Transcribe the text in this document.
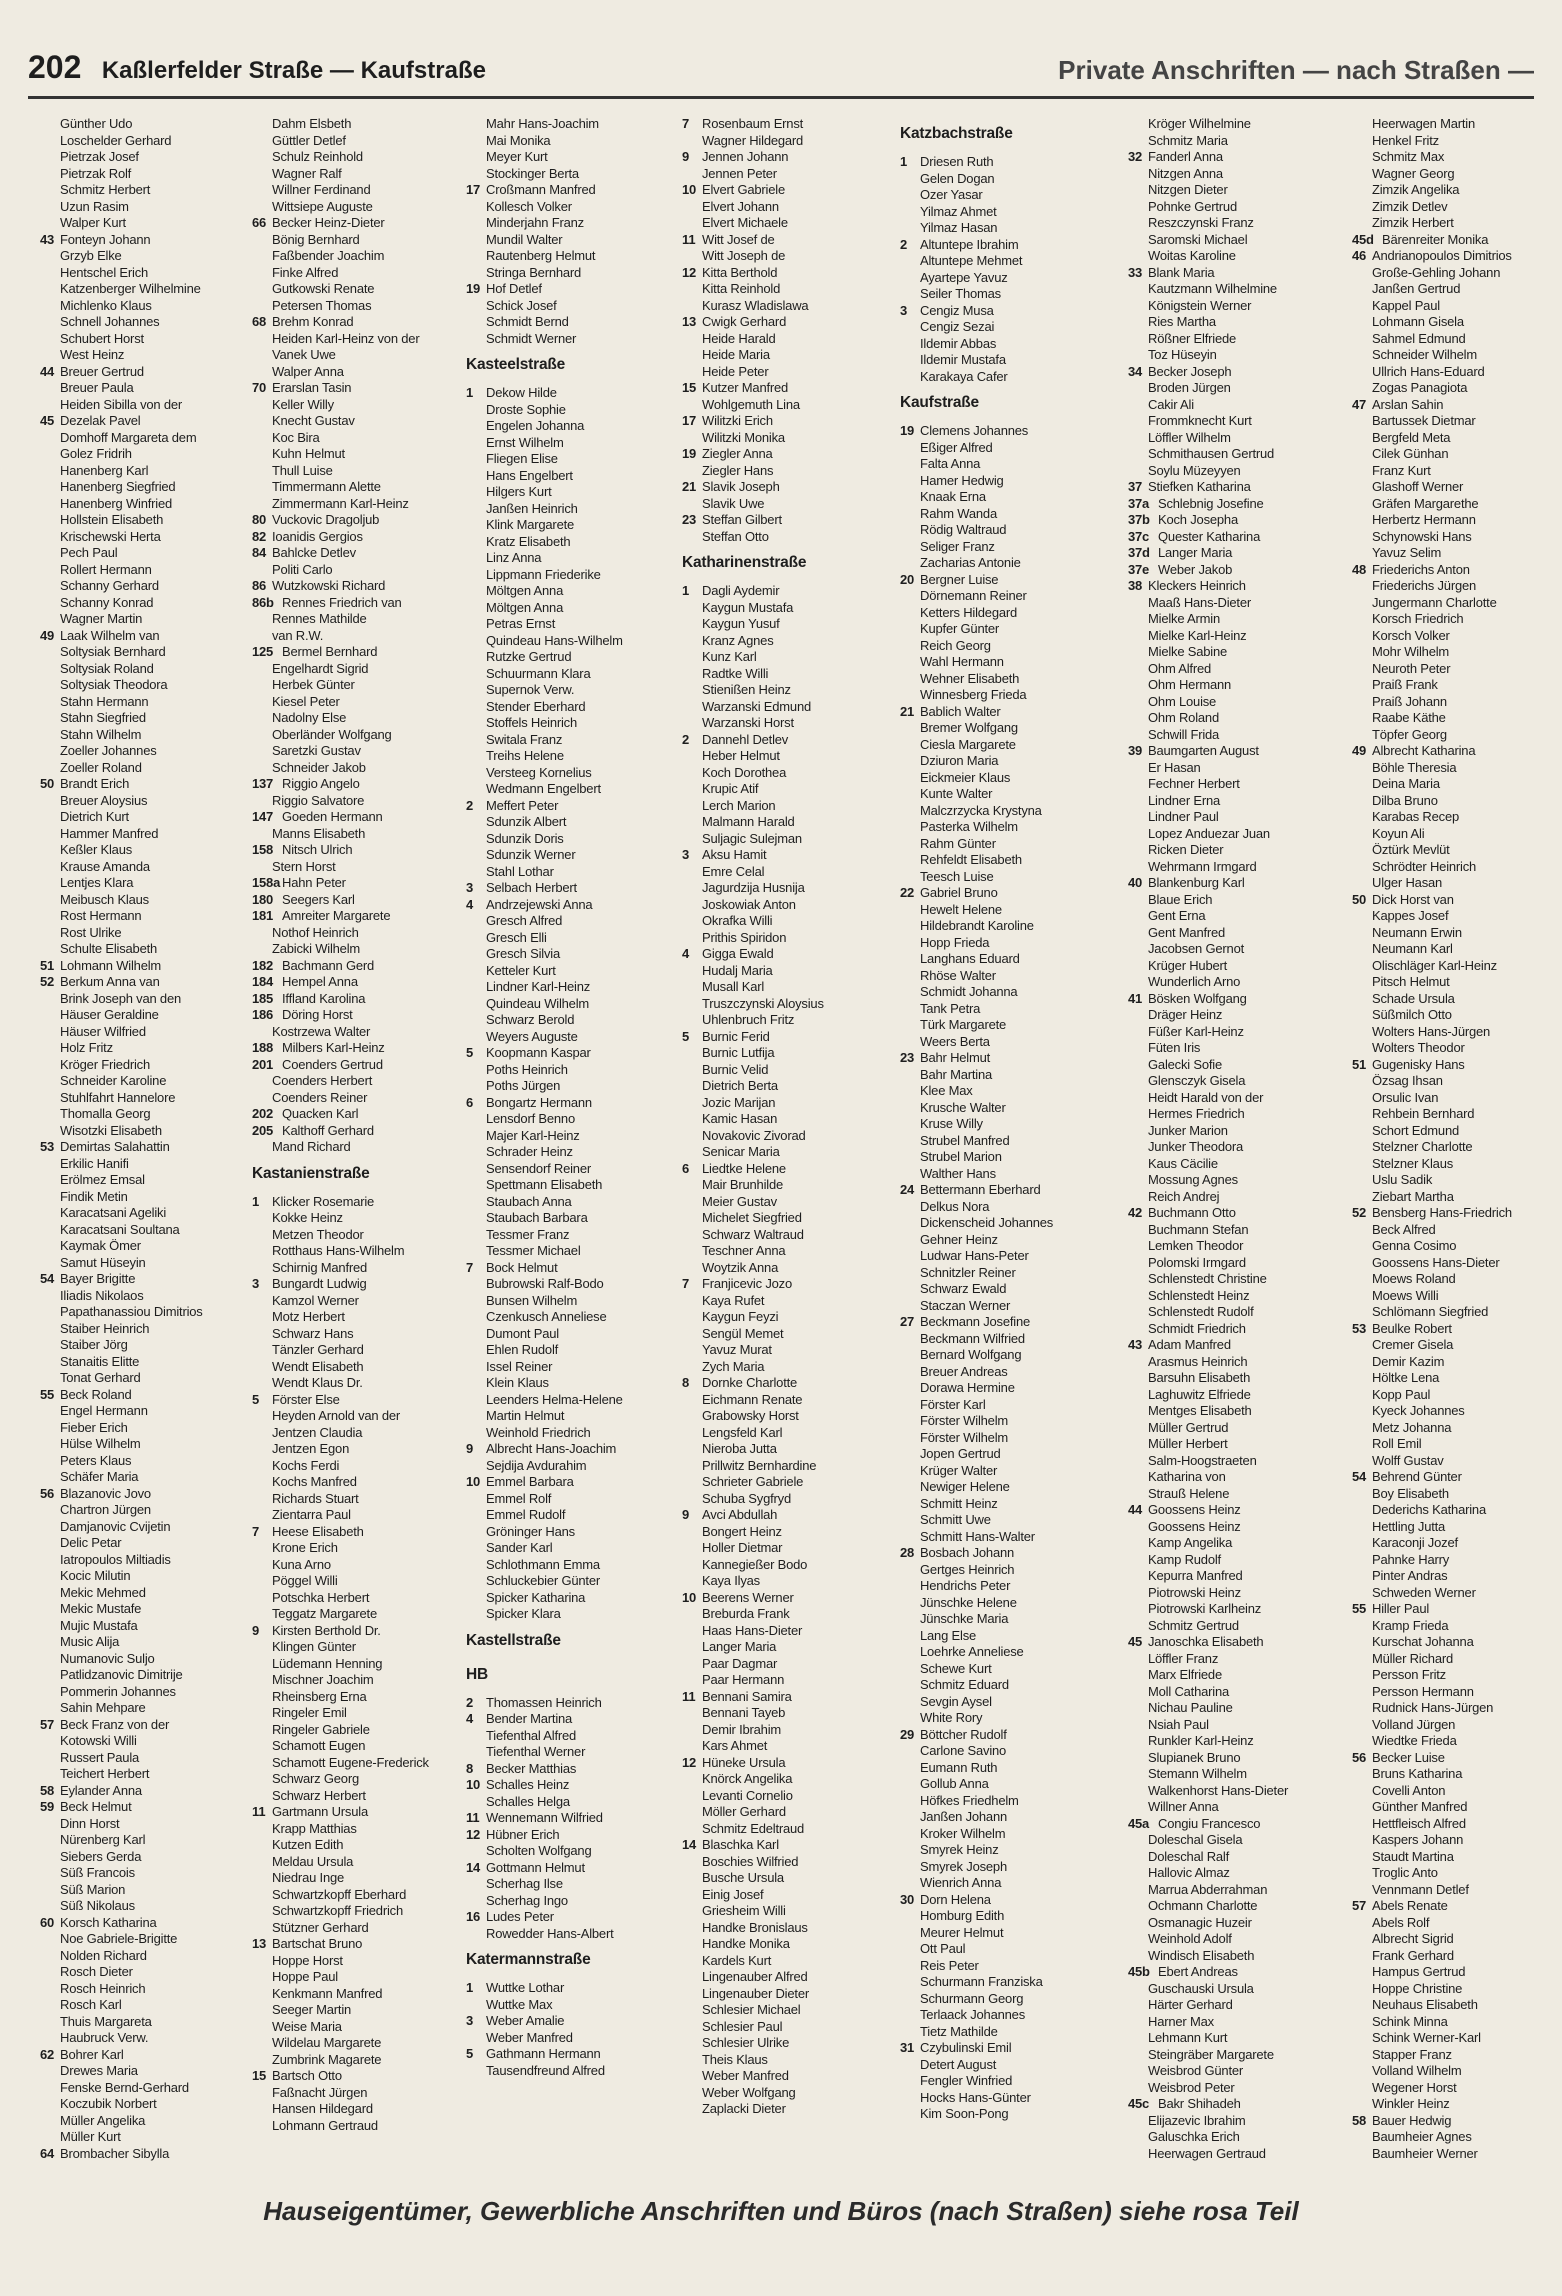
202 Kaßlerfelder Straße — Kaufstraße	Private Anschriften — nach Straßen —
Günther Udo
Loschelder Gerhard
Pietrzak Josef
Pietrzak Rolf
Schmitz Herbert
Uzun Rasim
Walper Kurt
43 Fonteyn Johann
Grzyb Elke
Hentschel Erich
Katzenberger Wilhelmine
Michlenko Klaus
Schnell Johannes
Schubert Horst
West Heinz
44 Breuer Gertrud
Breuer Paula
Heiden Sibilla von der
45 Dezelak Pavel
Domhoff Margareta dem
Golez Fridrih
Hanenberg Karl
Hanenberg Siegfried
Hanenberg Winfried
Hollstein Elisabeth
Krischewski Herta
Pech Paul
Rollert Hermann
Schanny Gerhard
Schanny Konrad
Wagner Martin
49 Laak Wilhelm van
Soltysiak Bernhard
Soltysiak Roland
Soltysiak Theodora
Stahn Hermann
Stahn Siegfried
Stahn Wilhelm
Zoeller Johannes
Zoeller Roland
50 Brandt Erich
Breuer Aloysius
Dietrich Kurt
Hammer Manfred
Keßler Klaus
Krause Amanda
Lentjes Klara
Meibusch Klaus
Rost Hermann
Rost Ulrike
Schulte Elisabeth
51 Lohmann Wilhelm
52 Berkum Anna van
Brink Joseph van den
Häuser Geraldine
Häuser Wilfried
Holz Fritz
Kröger Friedrich
Schneider Karoline
Stuhlfahrt Hannelore
Thomalla Georg
Wisotzki Elisabeth
53 Demirtas Salahattin
Erkilic Hanifi
Erölmez Emsal
Findik Metin
Karacatsani Ageliki
Karacatsani Soultana
Kaymak Ömer
Samut Hüseyin
54 Bayer Brigitte
Iliadis Nikolaos
Papathanassiou Dimitrios
Staiber Heinrich
Staiber Jörg
Stanaitis Elitte
Tonat Gerhard
55 Beck Roland
Engel Hermann
Fieber Erich
Hülse Wilhelm
Peters Klaus
Schäfer Maria
56 Blazanovic Jovo
Chartron Jürgen
Damjanovic Cvijetin
Delic Petar
Iatropoulos Miltiadis
Kocic Milutin
Mekic Mehmed
Mekic Mustafe
Mujic Mustafa
Music Alija
Numanovic Suljo
Patlidzanovic Dimitrije
Pommerin Johannes
Sahin Mehpare
57 Beck Franz von der
Kotowski Willi
Russert Paula
Teichert Herbert
58 Eylander Anna
59 Beck Helmut
Dinn Horst
Nürenberg Karl
Siebers Gerda
Süß Francois
Süß Marion
Süß Nikolaus
60 Korsch Katharina
Noe Gabriele-Brigitte
Nolden Richard
Rosch Dieter
Rosch Heinrich
Rosch Karl
Thuis Margareta
Haubruck Verw.
62 Bohrer Karl
Drewes Maria
Fenske Bernd-Gerhard
Koczubik Norbert
Müller Angelika
Müller Kurt
64 Brombacher Sibylla
Dahm Elsbeth
Güttler Detlef
Schulz Reinhold
Wagner Ralf
Willner Ferdinand
Wittsiepe Auguste
66 Becker Heinz-Dieter
Bönig Bernhard
Faßbender Joachim
Finke Alfred
Gutkowski Renate
Petersen Thomas
68 Brehm Konrad
Heiden Karl-Heinz von der
Vanek Uwe
Walper Anna
70 Erarslan Tasin
Keller Willy
Knecht Gustav
Koc Bira
Kuhn Helmut
Thull Luise
Timmermann Alette
Zimmermann Karl-Heinz
80 Vuckovic Dragoljub
82 Ioanidis Gergios
84 Bahlcke Detlev
Politi Carlo
86 Wutzkowski Richard
86b Rennes Friedrich van
Rennes Mathilde
van R.W.
125 Bermel Bernhard
Engelhardt Sigrid
Herbek Günter
Kiesel Peter
Nadolny Else
Oberländer Wolfgang
Saretzki Gustav
Schneider Jakob
137 Riggio Angelo
Riggio Salvatore
147 Goeden Hermann
Manns Elisabeth
158 Nitsch Ulrich
Stern Horst
158a Hahn Peter
180 Seegers Karl
181 Amreiter Margarete
Nothof Heinrich
Zabicki Wilhelm
182 Bachmann Gerd
184 Hempel Anna
185 Iffland Karolina
186 Döring Horst
Kostrzewa Walter
188 Milbers Karl-Heinz
201 Coenders Gertrud
Coenders Herbert
Coenders Reiner
202 Quacken Karl
205 Kalthoff Gerhard
Mand Richard
Kastanienstraße
1 Klicker Rosemarie
Kokke Heinz
Metzen Theodor
Rotthaus Hans-Wilhelm
Schirnig Manfred
3 Bungardt Ludwig
Kamzol Werner
Motz Herbert
Schwarz Hans
Tänzler Gerhard
Wendt Elisabeth
Wendt Klaus Dr.
5 Förster Else
Heyden Arnold van der
Jentzen Claudia
Jentzen Egon
Kochs Ferdi
Kochs Manfred
Richards Stuart
Zientarra Paul
7 Heese Elisabeth
Krone Erich
Kuna Arno
Pöggel Willi
Potschka Herbert
Teggatz Margarete
9 Kirsten Berthold Dr.
Klingen Günter
Lüdemann Henning
Mischner Joachim
Rheinsberg Erna
Ringeler Emil
Ringeler Gabriele
Schamott Eugen
Schamott Eugene-Frederick
Schwarz Georg
Schwarz Herbert
11 Gartmann Ursula
Krapp Matthias
Kutzen Edith
Meldau Ursula
Niedrau Inge
Schwartzkopff Eberhard
Schwartzkopff Friedrich
Stützner Gerhard
13 Bartschat Bruno
Hoppe Horst
Hoppe Paul
Kenkmann Manfred
Seeger Martin
Weise Maria
Wildelau Margarete
Zumbrink Magarete
15 Bartsch Otto
Faßnacht Jürgen
Hansen Hildegard
Lohmann Gertraud
Mahr Hans-Joachim
Mai Monika
Meyer Kurt
Stockinger Berta
17 Croßmann Manfred
Kollesch Volker
Minderjahn Franz
Mundil Walter
Rautenberg Helmut
Stringa Bernhard
19 Hof Detlef
Schick Josef
Schmidt Bernd
Schmidt Werner
Kasteelstraße
1 Dekow Hilde
Droste Sophie
Engelen Johanna
Ernst Wilhelm
Fliegen Elise
Hans Engelbert
Hilgers Kurt
Janßen Heinrich
Klink Margarete
Kratz Elisabeth
Linz Anna
Lippmann Friederike
Möltgen Anna
Möltgen Anna
Petras Ernst
Quindeau Hans-Wilhelm
Rutzke Gertrud
Schuurmann Klara
Supernok Verw.
Stender Eberhard
Stoffels Heinrich
Switala Franz
Treihs Helene
Versteeg Kornelius
Wedmann Engelbert
2 Meffert Peter
Sdunzik Albert
Sdunzik Doris
Sdunzik Werner
Stahl Lothar
3 Selbach Herbert
4 Andrzejewski Anna
Gresch Alfred
Gresch Elli
Gresch Silvia
Ketteler Kurt
Lindner Karl-Heinz
Quindeau Wilhelm
Schwarz Berold
Weyers Auguste
5 Koopmann Kaspar
Poths Heinrich
Poths Jürgen
6 Bongartz Hermann
Lensdorf Benno
Majer Karl-Heinz
Schrader Heinz
Sensendorf Reiner
Spettmann Elisabeth
Staubach Anna
Staubach Barbara
Tessmer Franz
Tessmer Michael
7 Bock Helmut
Bubrowski Ralf-Bodo
Bunsen Wilhelm
Czenkusch Anneliese
Dumont Paul
Ehlen Rudolf
Issel Reiner
Klein Klaus
Leenders Helma-Helene
Martin Helmut
Weinhold Friedrich
9 Albrecht Hans-Joachim
Sejdija Avdurahim
10 Emmel Barbara
Emmel Rolf
Emmel Rudolf
Gröninger Hans
Sander Karl
Schlothmann Emma
Schluckebier Günter
Spicker Katharina
Spicker Klara
Kastellstraße
HB
2 Thomassen Heinrich
4 Bender Martina
Tiefenthal Alfred
Tiefenthal Werner
8 Becker Matthias
10 Schalles Heinz
Schalles Helga
11 Wennemann Wilfried
12 Hübner Erich
Scholten Wolfgang
14 Gottmann Helmut
Scherhag Ilse
Scherhag Ingo
16 Ludes Peter
Rowedder Hans-Albert
Katermannstraße
1 Wuttke Lothar
Wuttke Max
3 Weber Amalie
Weber Manfred
5 Gathmann Hermann
Tausendfreund Alfred
7 Rosenbaum Ernst
Wagner Hildegard
9 Jennen Johann
Jennen Peter
10 Elvert Gabriele
Elvert Johann
Elvert Michaele
11 Witt Josef de
Witt Joseph de
12 Kitta Berthold
Kitta Reinhold
Kurasz Wladislawa
13 Cwigk Gerhard
Heide Harald
Heide Maria
Heide Peter
15 Kutzer Manfred
Wohlgemuth Lina
17 Wilitzki Erich
Wilitzki Monika
19 Ziegler Anna
Ziegler Hans
21 Slavik Joseph
Slavik Uwe
23 Steffan Gilbert
Steffan Otto
Katharinenstraße
1 Dagli Aydemir
Kaygun Mustafa
Kaygun Yusuf
Kranz Agnes
Kunz Karl
Radtke Willi
Stienißen Heinz
Warzanski Edmund
Warzanski Horst
2 Dannehl Detlev
Heber Helmut
Koch Dorothea
Krupic Atif
Lerch Marion
Malmann Harald
Suljagic Sulejman
3 Aksu Hamit
Emre Celal
Jagurdzija Husnija
Joskowiak Anton
Okrafka Willi
Prithis Spiridon
4 Gigga Ewald
Hudalj Maria
Musall Karl
Truszczynski Aloysius
Uhlenbruch Fritz
5 Burnic Ferid
Burnic Lutfija
Burnic Velid
Dietrich Berta
Jozic Marijan
Kamic Hasan
Novakovic Zivorad
Senicar Maria
6 Liedtke Helene
Mair Brunhilde
Meier Gustav
Michelet Siegfried
Schwarz Waltraud
Teschner Anna
Woytzik Anna
7 Franjicevic Jozo
Kaya Rufet
Kaygun Feyzi
Sengül Memet
Yavuz Murat
Zych Maria
8 Dornke Charlotte
Eichmann Renate
Grabowsky Horst
Lengsfeld Karl
Nieroba Jutta
Prillwitz Bernhardine
Schrieter Gabriele
Schuba Sygfryd
9 Avci Abdullah
Bongert Heinz
Holler Dietmar
Kannegießer Bodo
Kaya Ilyas
10 Beerens Werner
Breburda Frank
Haas Hans-Dieter
Langer Maria
Paar Dagmar
Paar Hermann
11 Bennani Samira
Bennani Tayeb
Demir Ibrahim
Kars Ahmet
12 Hüneke Ursula
Knörck Angelika
Levanti Cornelio
Möller Gerhard
Schmitz Edeltraud
14 Blaschka Karl
Boschies Wilfried
Busche Ursula
Einig Josef
Griesheim Willi
Handke Bronislaus
Handke Monika
Kardels Kurt
Lingenauber Alfred
Lingenauber Dieter
Schlesier Michael
Schlesier Paul
Schlesier Ulrike
Theis Klaus
Weber Manfred
Weber Wolfgang
Zaplacki Dieter
Katzbachstraße
1 Driesen Ruth
Gelen Dogan
Ozer Yasar
Yilmaz Ahmet
Yilmaz Hasan
2 Altuntepe Ibrahim
Altuntepe Mehmet
Ayartepe Yavuz
Seiler Thomas
3 Cengiz Musa
Cengiz Sezai
Ildemir Abbas
Ildemir Mustafa
Karakaya Cafer
Kaufstraße
19 Clemens Johannes
Eßiger Alfred
Falta Anna
Hamer Hedwig
Knaak Erna
Rahm Wanda
Rödig Waltraud
Seliger Franz
Zacharias Antonie
20 Bergner Luise
Dörnemann Reiner
Ketters Hildegard
Kupfer Günter
Reich Georg
Wahl Hermann
Wehner Elisabeth
Winnesberg Frieda
21 Bablich Walter
Bremer Wolfgang
Ciesla Margarete
Dziuron Maria
Eickmeier Klaus
Kunte Walter
Malczrzycka Krystyna
Pasterka Wilhelm
Rahm Günter
Rehfeldt Elisabeth
Teesch Luise
22 Gabriel Bruno
Hewelt Helene
Hildebrandt Karoline
Hopp Frieda
Langhans Eduard
Rhöse Walter
Schmidt Johanna
Tank Petra
Türk Margarete
Weers Berta
23 Bahr Helmut
Bahr Martina
Klee Max
Krusche Walter
Kruse Willy
Strubel Manfred
Strubel Marion
Walther Hans
24 Bettermann Eberhard
Delkus Nora
Dickenscheid Johannes
Gehner Heinz
Ludwar Hans-Peter
Schnitzler Reiner
Schwarz Ewald
Staczan Werner
27 Beckmann Josefine
Beckmann Wilfried
Bernard Wolfgang
Breuer Andreas
Dorawa Hermine
Förster Karl
Förster Wilhelm
Förster Wilhelm
Jopen Gertrud
Krüger Walter
Newiger Helene
Schmitt Heinz
Schmitt Uwe
Schmitt Hans-Walter
28 Bosbach Johann
Gertges Heinrich
Hendrichs Peter
Jünschke Helene
Jünschke Maria
Lang Else
Loehrke Anneliese
Schewe Kurt
Schmitz Eduard
Sevgin Aysel
White Rory
29 Böttcher Rudolf
Carlone Savino
Eumann Ruth
Gollub Anna
Höfkes Friedhelm
Janßen Johann
Kroker Wilhelm
Smyrek Heinz
Smyrek Joseph
Wienrich Anna
30 Dorn Helena
Homburg Edith
Meurer Helmut
Ott Paul
Reis Peter
Schurmann Franziska
Schurmann Georg
Terlaack Johannes
Tietz Mathilde
31 Czybulinski Emil
Detert August
Fengler Winfried
Hocks Hans-Günter
Kim Soon-Pong
Kröger Wilhelmine
Schmitz Maria
32 Fanderl Anna
Nitzgen Anna
Nitzgen Dieter
Pohnke Gertrud
Reszczynski Franz
Saromski Michael
Woitas Karoline
33 Blank Maria
Kautzmann Wilhelmine
Königstein Werner
Ries Martha
Rößner Elfriede
Toz Hüseyin
34 Becker Joseph
Broden Jürgen
Cakir Ali
Frommknecht Kurt
Löffler Wilhelm
Schmithausen Gertrud
Soylu Müzeyyen
37 Stiefken Katharina
37a Schlebnig Josefine
37b Koch Josepha
37c Quester Katharina
37d Langer Maria
37e Weber Jakob
38 Kleckers Heinrich
Maaß Hans-Dieter
Mielke Armin
Mielke Karl-Heinz
Mielke Sabine
Ohm Alfred
Ohm Hermann
Ohm Louise
Ohm Roland
Schwill Frida
39 Baumgarten August
Er Hasan
Fechner Herbert
Lindner Erna
Lindner Paul
Lopez Anduezar Juan
Ricken Dieter
Wehrmann Irmgard
40 Blankenburg Karl
Blaue Erich
Gent Erna
Gent Manfred
Jacobsen Gernot
Krüger Hubert
Wunderlich Arno
41 Bösken Wolfgang
Dräger Heinz
Füßer Karl-Heinz
Füten Iris
Galecki Sofie
Glensczyk Gisela
Heidt Harald von der
Hermes Friedrich
Junker Marion
Junker Theodora
Kaus Cäcilie
Mossung Agnes
Reich Andrej
42 Buchmann Otto
Buchmann Stefan
Lemken Theodor
Polomski Irmgard
Schlenstedt Christine
Schlenstedt Heinz
Schlenstedt Rudolf
Schmidt Friedrich
43 Adam Manfred
Arasmus Heinrich
Barsuhn Elisabeth
Laghuwitz Elfriede
Mentges Elisabeth
Müller Gertrud
Müller Herbert
Salm-Hoogstraeten
Katharina von
Strauß Helene
44 Goossens Heinz
Goossens Heinz
Kamp Angelika
Kamp Rudolf
Kepurra Manfred
Piotrowski Heinz
Piotrowski Karlheinz
Schmitz Gertrud
45 Janoschka Elisabeth
Löffler Franz
Marx Elfriede
Moll Catharina
Nichau Pauline
Nsiah Paul
Runkler Karl-Heinz
Slupianek Bruno
Stemann Wilhelm
Walkenhorst Hans-Dieter
Willner Anna
45a Congiu Francesco
Doleschal Gisela
Doleschal Ralf
Hallovic Almaz
Marrua Abderrahman
Ochmann Charlotte
Osmanagic Huzeir
Weinhold Adolf
Windisch Elisabeth
45b Ebert Andreas
Guschauski Ursula
Härter Gerhard
Harner Max
Lehmann Kurt
Steingräber Margarete
Weisbrod Günter
Weisbrod Peter
45c Bakr Shihadeh
Elijazevic Ibrahim
Galuschka Erich
Heerwagen Gertraud
Heerwagen Martin
Henkel Fritz
Schmitz Max
Wagner Georg
Zimzik Angelika
Zimzik Detlev
Zimzik Herbert
45d Bärenreiter Monika
46 Andrianopoulos Dimitrios
Große-Gehling Johann
Janßen Gertrud
Kappel Paul
Lohmann Gisela
Sahmel Edmund
Schneider Wilhelm
Ullrich Hans-Eduard
Zogas Panagiota
47 Arslan Sahin
Bartussek Dietmar
Bergfeld Meta
Cilek Günhan
Franz Kurt
Glashoff Werner
Gräfen Margarethe
Herbertz Hermann
Schynowski Hans
Yavuz Selim
48 Friederichs Anton
Friederichs Jürgen
Jungermann Charlotte
Korsch Friedrich
Korsch Volker
Mohr Wilhelm
Neuroth Peter
Praiß Frank
Praiß Johann
Raabe Käthe
Töpfer Georg
49 Albrecht Katharina
Böhle Theresia
Deina Maria
Dilba Bruno
Karabas Recep
Koyun Ali
Öztürk Mevlüt
Schrödter Heinrich
Ulger Hasan
50 Dick Horst van
Kappes Josef
Neumann Erwin
Neumann Karl
Olischläger Karl-Heinz
Pitsch Helmut
Schade Ursula
Süßmilch Otto
Wolters Hans-Jürgen
Wolters Theodor
51 Gugenisky Hans
Özsag Ihsan
Orsulic Ivan
Rehbein Bernhard
Schort Edmund
Stelzner Charlotte
Stelzner Klaus
Uslu Sadik
Ziebart Martha
52 Bensberg Hans-Friedrich
Beck Alfred
Genna Cosimo
Goossens Hans-Dieter
Moews Roland
Moews Willi
Schlömann Siegfried
53 Beulke Robert
Cremer Gisela
Demir Kazim
Höltke Lena
Kopp Paul
Kyeck Johannes
Metz Johanna
Roll Emil
Wolff Gustav
54 Behrend Günter
Boy Elisabeth
Dederichs Katharina
Hettling Jutta
Karaconji Jozef
Pahnke Harry
Pinter Andras
Schweden Werner
55 Hiller Paul
Kramp Frieda
Kurschat Johanna
Müller Richard
Persson Fritz
Persson Hermann
Rudnick Hans-Jürgen
Volland Jürgen
Wiedtke Frieda
56 Becker Luise
Bruns Katharina
Covelli Anton
Günther Manfred
Hettfleisch Alfred
Kaspers Johann
Staudt Martina
Troglic Anto
Vennmann Detlef
57 Abels Renate
Abels Rolf
Albrecht Sigrid
Frank Gerhard
Hampus Gertrud
Hoppe Christine
Neuhaus Elisabeth
Schink Minna
Schink Werner-Karl
Stapper Franz
Volland Wilhelm
Wegener Horst
Winkler Heinz
58 Bauer Hedwig
Baumheier Agnes
Baumheier Werner
Hauseigentümer, Gewerbliche Anschriften und Büros (nach Straßen) siehe rosa Teil
